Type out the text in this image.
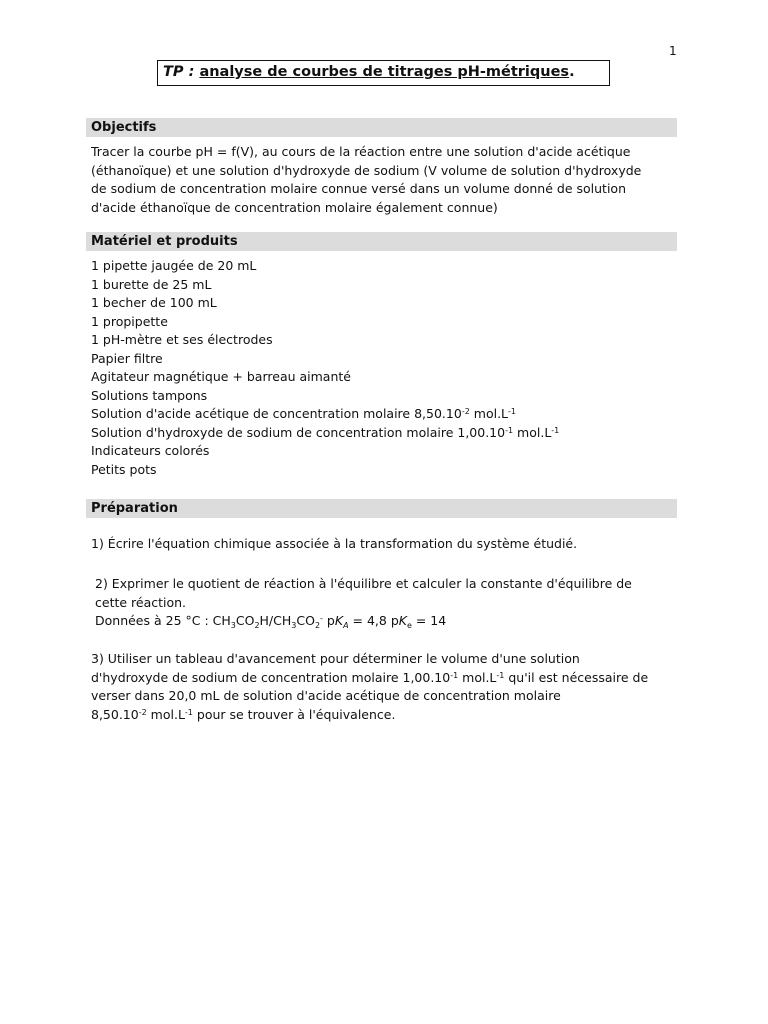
1
TP : analyse de courbes de titrages pH-métriques.
Objectifs
Tracer la courbe pH = f(V), au cours de la réaction entre une solution d'acide acétique
(éthanoïque) et une solution d'hydroxyde de sodium (V volume de solution d'hydroxyde
de sodium de concentration molaire connue versé dans un volume donné de solution
d'acide éthanoïque de concentration molaire également connue)
Matériel et produits
1 pipette jaugée de 20 mL
1 burette de 25 mL
1 becher de 100 mL
1 propipette
1 pH-mètre et ses électrodes
Papier filtre
Agitateur magnétique + barreau aimanté
Solutions tampons
Solution d'acide acétique de concentration molaire $8,50.10^{-2}$ $mol.L^{-1}$
Solution d'hydroxyde de sodium de concentration molaire $1,00.10^{-1}$ $mol.L^{-1}$
Indicateurs colorés
Petits pots
Préparation
1) Écrire l'équation chimique associée à la transformation du système étudié.
2) Exprimer le quotient de réaction à l'équilibre et calculer la constante d'équilibre de
cette réaction.
Données à 25 °C : $CH_3CO_2H/CH_3CO_2^-$ $pK_A = 4,8$ $pK_e = 14$
3) Utiliser un tableau d'avancement pour déterminer le volume d'une solution
d'hydroxyde de sodium de concentration molaire $1,00.10^{-1}$ $mol.L^{-1}$ qu'il est nécessaire de
verser dans 20,0 mL de solution d'acide acétique de concentration molaire
$8,50.10^{-2}$ $mol.L^{-1}$ pour se trouver à l'équivalence.
